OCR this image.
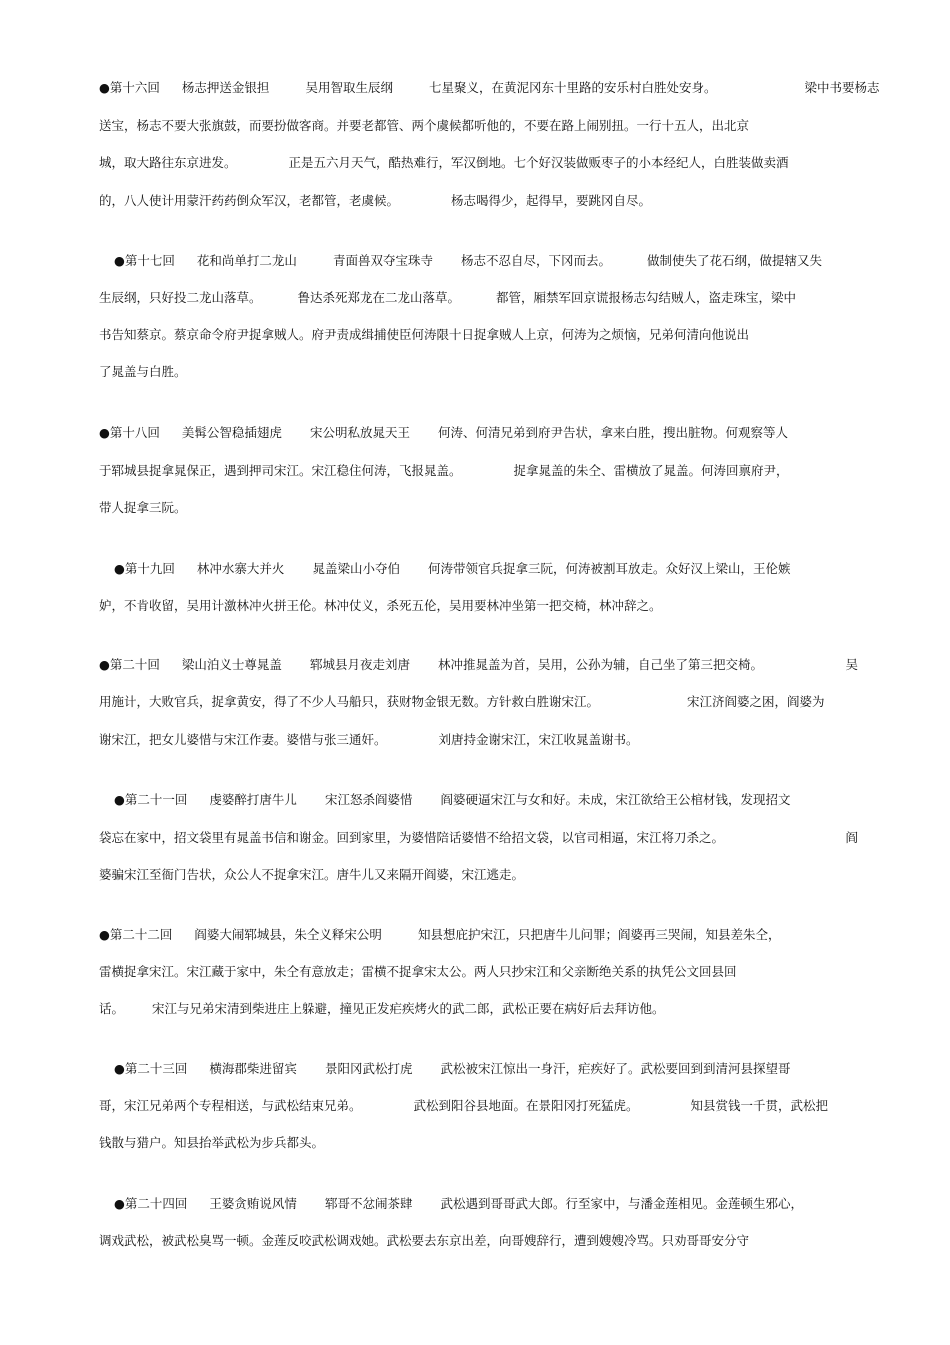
●第十六回 杨志押送金银担	吴用智取生辰纲	七星聚义，在黄泥冈东十里路的安乐村白胜处安身。	梁中书要杨志
送宝，杨志不要大张旗鼓，而要扮做客商。并要老都管、两个虞候都听他的，不要在路上闹别扭。一行十五人，出北京
城，取大路往东京进发。	正是五六月天气，酷热难行，军汉倒地。七个好汉装做贩枣子的小本经纪人，白胜装做卖酒
的，八人使计用蒙汗药药倒众军汉，老都管，老虞候。	杨志喝得少，起得早，要跳冈自尽。
●第十七回 花和尚单打二龙山	青面兽双夺宝珠寺 杨志不忍自尽，下冈而去。	做制使失了花石纲，做提辖又失
生辰纲，只好投二龙山落草。	鲁达杀死郑龙在二龙山落草。	都管，厢禁军回京谎报杨志勾结贼人，盗走珠宝，梁中
书告知蔡京。蔡京命令府尹捉拿贼人。府尹责成缉捕使臣何涛限十日捉拿贼人上京，何涛为之烦恼，兄弟何清向他说出
了晁盖与白胜。
●第十八回 美髯公智稳插翅虎 宋公明私放晁天王 何涛、何清兄弟到府尹告状，拿来白胜，搜出脏物。何观察等人
于郓城县捉拿晁保正，遇到押司宋江。宋江稳住何涛，飞报晁盖。	捉拿晁盖的朱仝、雷横放了晁盖。何涛回禀府尹，
带人捉拿三阮。
●第十九回 林冲水寨大并火 晁盖梁山小夺伯 何涛带领官兵捉拿三阮，何涛被割耳放走。众好汉上梁山，王伦嫉
妒，不肯收留，吴用计激林冲火拼王伦。林冲仗义，杀死五伦，吴用要林冲坐第一把交椅，林冲辞之。
●第二十回 梁山泊义士尊晁盖 郓城县月夜走刘唐 林冲推晁盖为首，吴用，公孙为辅，自己坐了第三把交椅。	吴
用施计，大败官兵，捉拿黄安，得了不少人马船只，获财物金银无数。方针救白胜谢宋江。	宋江济阎婆之困，阎婆为
谢宋江，把女儿婆惜与宋江作妻。婆惜与张三通奸。	刘唐持金谢宋江，宋江收晁盖谢书。
●第二十一回 虔婆醉打唐牛儿 宋江怒杀阎婆惜 阎婆硬逼宋江与女和好。未成，宋江欲给王公棺材钱，发现招文
袋忘在家中，招文袋里有晁盖书信和谢金。回到家里，为婆惜陪话婆惜不给招文袋，以官司相逼，宋江将刀杀之。	阎
婆骗宋江至衙门告状，众公人不捉拿宋江。唐牛儿又来隔开阎婆，宋江逃走。
●第二十二回 阎婆大闹郓城县，朱仝义释宋公明	知县想庇护宋江，只把唐牛儿问罪；阎婆再三哭闹，知县差朱仝，
雷横捉拿宋江。宋江藏于家中，朱仝有意放走；雷横不捉拿宋太公。两人只抄宋江和父亲断绝关系的执凭公文回县回
话。 宋江与兄弟宋清到柴进庄上躲避，撞见正发疟疾烤火的武二郎，武松正要在病好后去拜访他。
●第二十三回 横海郡柴进留宾 景阳冈武松打虎 武松被宋江惊出一身汗，疟疾好了。武松要回到到清河县探望哥
哥，宋江兄弟两个专程相送，与武松结束兄弟。	武松到阳谷县地面。在景阳冈打死猛虎。	知县赏钱一千贯，武松把
钱散与猎户。知县抬举武松为步兵都头。
●第二十四回 王婆贪贿说风情 郓哥不忿闹茶肆 武松遇到哥哥武大郎。行至家中，与潘金莲相见。金莲顿生邪心，
调戏武松，被武松臭骂一顿。金莲反咬武松调戏她。武松要去东京出差，向哥嫂辞行，遭到嫂嫂冷骂。只劝哥哥安分守
